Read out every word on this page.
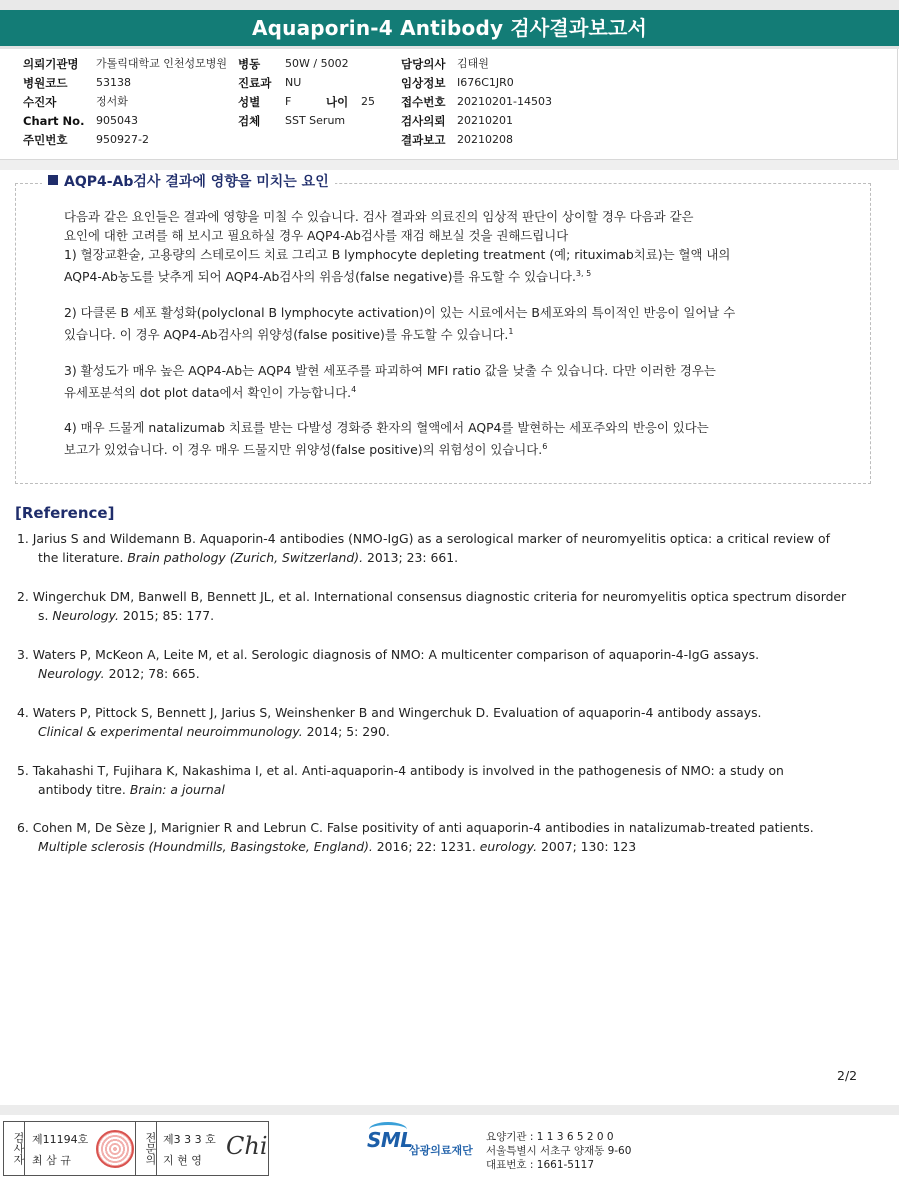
Aquaporin-4 Antibody 검사결과보고서
의뢰기관명 가톨릭대학교 인천성모병원 병동 50W / 5002	담당의사 김태원
병원코드	53138	진료과 NU	임상정보 I676C1JR0
수진자	정서화	성별 F	나이 25 접수번호 20210201-14503
Chart No. 905043	검체 SST Serum	검사의뢰 20210201
주민번호	950927-2	결과보고 20210208
AQP4-Ab검사 결과에 영향을 미치는 요인
다음과 같은 요인들은 결과에 영향을 미칠 수 있습니다. 검사 결과와 의료진의 임상적 판단이 상이할 경우 다음과 같은
요인에 대한 고려를 해 보시고 필요하실 경우 AQP4-Ab검사를 재검 해보실 것을 권해드립니다
1) 혈장교환술, 고용량의 스테로이드 치료 그리고 B lymphocyte depleting treatment (예; rituximab치료)는 혈액 내의
AQP4-Ab농도를 낮추게 되어 AQP4-Ab검사의 위음성(false negative)를 유도할 수 있습니다.$^{3, 5}$
2) 다클론 B 세포 활성화(polyclonal B lymphocyte activation)이 있는 시료에서는 B세포와의 특이적인 반응이 일어날 수
있습니다. 이 경우 AQP4-Ab검사의 위양성(false positive)를 유도할 수 있습니다.$^1$
3) 활성도가 매우 높은 AQP4-Ab는 AQP4 발현 세포주를 파괴하여 MFI ratio 값을 낮출 수 있습니다. 다만 이러한 경우는
유세포분석의 dot plot data에서 확인이 가능합니다.$^4$
4) 매우 드물게 natalizumab 치료를 받는 다발성 경화증 환자의 혈액에서 AQP4를 발현하는 세포주와의 반응이 있다는
보고가 있었습니다. 이 경우 매우 드물지만 위양성(false positive)의 위험성이 있습니다.$^6$
[Reference]
1. Jarius S and Wildemann B. Aquaporin-4 antibodies (NMO-IgG) as a serological marker of neuromyelitis optica: a critical review of
the literature. Brain pathology (Zurich, Switzerland). 2013; 23: 661.
2. Wingerchuk DM, Banwell B, Bennett JL, et al. International consensus diagnostic criteria for neuromyelitis optica spectrum disorder
s. Neurology. 2015; 85: 177.
3. Waters P, McKeon A, Leite M, et al. Serologic diagnosis of NMO: A multicenter comparison of aquaporin-4-IgG assays.
Neurology. 2012; 78: 665.
4. Waters P, Pittock S, Bennett J, Jarius S, Weinshenker B and Wingerchuk D. Evaluation of aquaporin-4 antibody assays.
Clinical & experimental neuroimmunology. 2014; 5: 290.
5. Takahashi T, Fujihara K, Nakashima I, et al. Anti-aquaporin-4 antibody is involved in the pathogenesis of NMO: a study on
antibody titre. Brain: a journal
6. Cohen M, De Sèze J, Marignier R and Lebrun C. False positivity of anti aquaporin-4 antibodies in natalizumab-treated patients.
Multiple sclerosis (Houndmills, Basingstoke, England). 2016; 22: 1231. eurology. 2007; 130: 123
2/2
검사자 제11194호
최 삼 규	전문의 제3 3 3 호
지 현 영
Chi	SML
삼광의료재단
요양기관 : 1 1 3 6 5 2 0 0
서울특별시 서초구 양재동 9-60
대표번호 : 1661-5117
